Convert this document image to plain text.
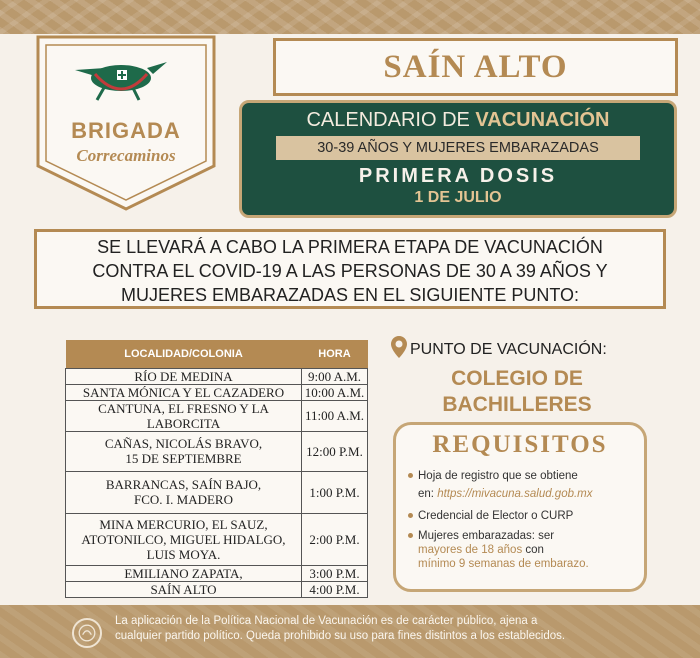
BRIGADA
Correcaminos
SAÍN ALTO
CALENDARIO DE VACUNACIÓN
30-39 AÑOS Y MUJERES EMBARAZADAS
PRIMERA DOSIS
1 DE JULIO
SE LLEVARÁ A CABO LA PRIMERA ETAPA DE VACUNACIÓN
CONTRA EL COVID-19 A LAS PERSONAS DE 30 A 39 AÑOS Y
MUJERES EMBARAZADAS EN EL SIGUIENTE PUNTO:
LOCALIDAD/COLONIA	HORA
RÍO DE MEDINA	9:00 A.M.
SANTA MÓNICA Y EL CAZADERO	10:00 A.M.
CANTUNA, EL FRESNO Y LA LABORCITA	11:00 A.M.

CAÑAS, NICOLÁS BRAVO,
15 DE SEPTIEMBRE	12:00 P.M.

BARRANCAS, SAÍN BAJO,
FCO. I. MADERO	1:00 P.M.

MINA MERCURIO, EL SAUZ,
ATOTONILCO, MIGUEL HIDALGO,
LUIS MOYA.	2:00 P.M.
EMILIANO ZAPATA,	3:00 P.M.
SAÍN ALTO	4:00 P.M.
PUNTO DE VACUNACIÓN:
COLEGIO DE
BACHILLERES
REQUISITOS
Hoja de registro que se obtiene
en: https://mivacuna.salud.gob.mx
Credencial de Elector o CURP
Mujeres embarazadas: ser
mayores de 18 años con
mínimo 9 semanas de embarazo.
La aplicación de la Política Nacional de Vacunación es de carácter público, ajena a
cualquier partido político. Queda prohibido su uso para fines distintos a los establecidos.
